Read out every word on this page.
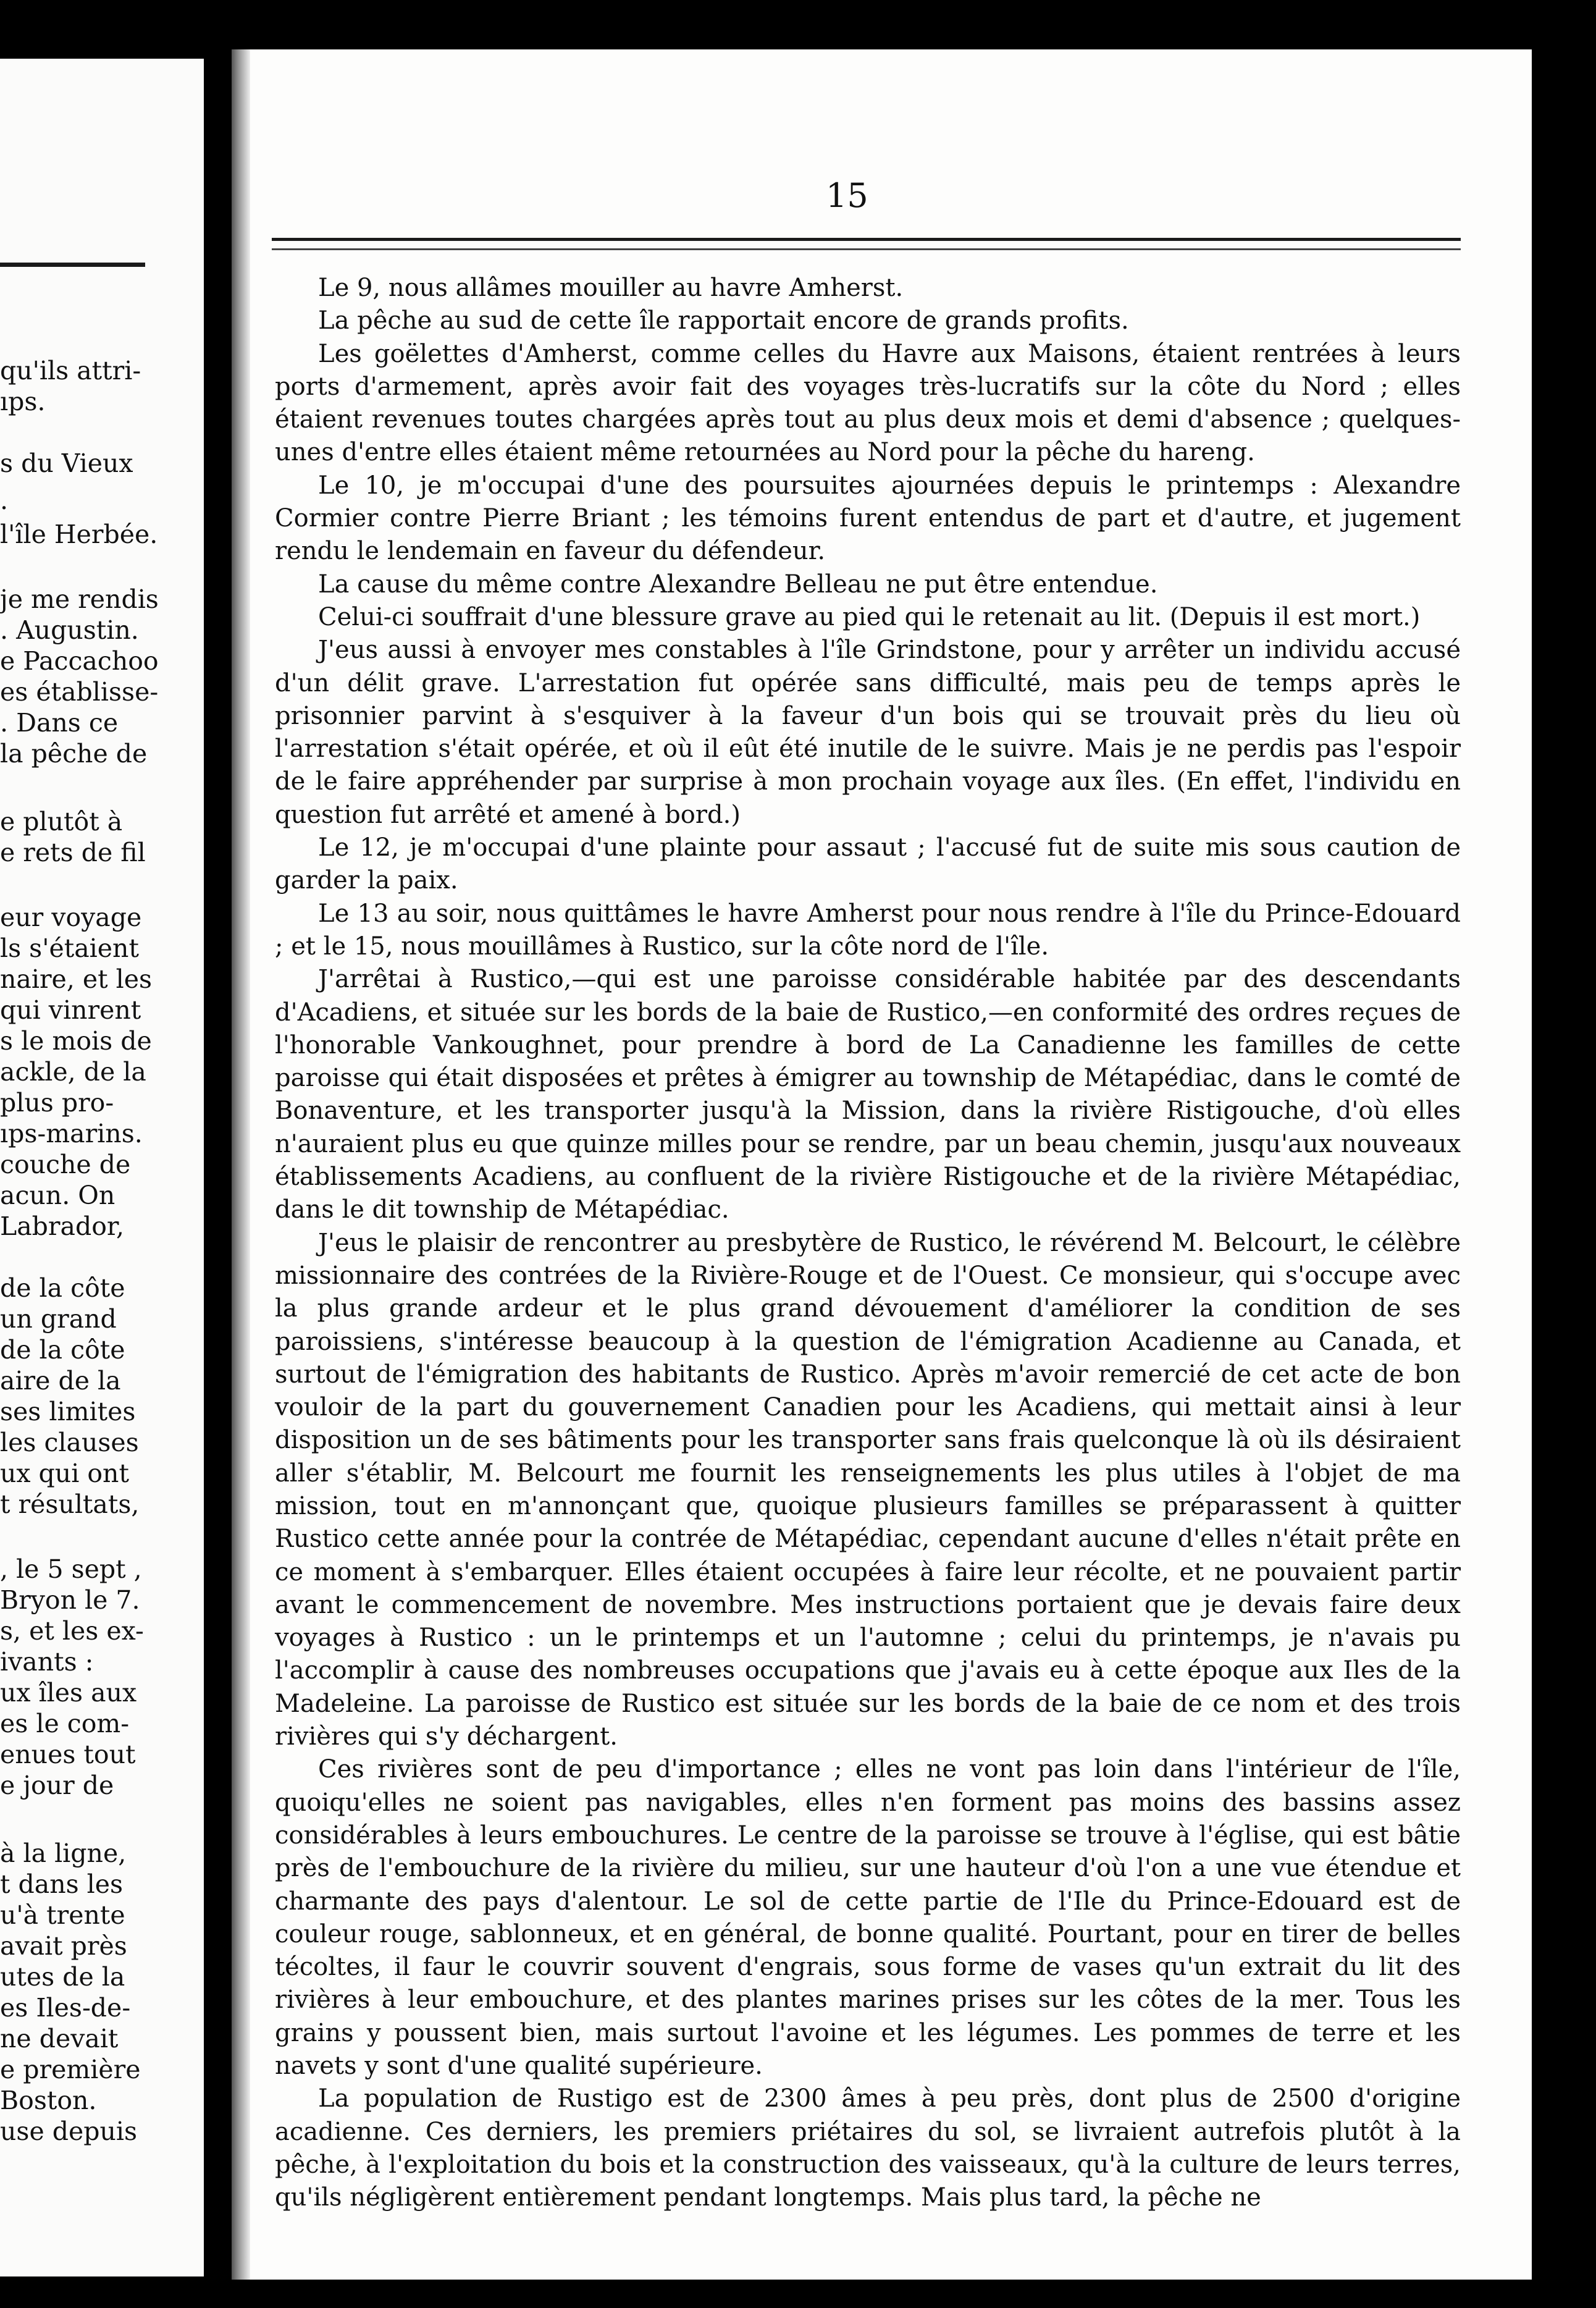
qu'ils attri-
ıps.
s du Vieux
.
l'île Herbée.
je me rendis
. Augustin.
e Paccachoo
es établisse-
. Dans ce
la pêche de
e plutôt à
e rets de fil
eur voyage
ls s'étaient
naire, et les
qui vinrent
s le mois de
ackle, de la
plus pro-
ıps-marins.
couche de
acun. On
Labrador,
de la côte
un grand
de la côte
aire de la
ses limites
les clauses
ux qui ont
t résultats,
, le 5 sept ,
Bryon le 7.
s, et les ex-
ivants :
ux îles aux
es le com-
enues tout
e jour de
à la ligne,
t dans les
u'à trente
avait près
utes de la
es Iles-de-
ne devait
e première
Boston.
use depuis
15

Le 9, nous allâmes mouiller au havre Amherst.

La pêche au sud de cette île rapportait encore de grands profits.

Les goëlettes d'Amherst, comme celles du Havre aux Maisons, étaient rentrées à leurs ports d'armement, après avoir fait des voyages très-lucratifs sur la côte du Nord ; elles étaient revenues toutes chargées après tout au plus deux mois et demi d'absence ; quelques-unes d'entre elles étaient même retournées au Nord pour la pêche du hareng.

Le 10, je m'occupai d'une des poursuites ajournées depuis le printemps : Alexandre Cormier contre Pierre Briant ; les témoins furent entendus de part et d'autre, et jugement rendu le lendemain en faveur du défendeur.

La cause du même contre Alexandre Belleau ne put être entendue.

Celui-ci souffrait d'une blessure grave au pied qui le retenait au lit. (Depuis il est mort.)

J'eus aussi à envoyer mes constables à l'île Grindstone, pour y arrêter un individu accusé d'un délit grave. L'arrestation fut opérée sans difficulté, mais peu de temps après le prisonnier parvint à s'esquiver à la faveur d'un bois qui se trouvait près du lieu où l'arrestation s'était opérée, et où il eût été inutile de le suivre. Mais je ne perdis pas l'espoir de le faire appréhender par surprise à mon prochain voyage aux îles. (En effet, l'individu en question fut arrêté et amené à bord.)

Le 12, je m'occupai d'une plainte pour assaut ; l'accusé fut de suite mis sous caution de garder la paix.

Le 13 au soir, nous quittâmes le havre Amherst pour nous rendre à l'île du Prince-Edouard ; et le 15, nous mouillâmes à Rustico, sur la côte nord de l'île.

J'arrêtai à Rustico,—qui est une paroisse considérable habitée par des descendants d'Acadiens, et située sur les bords de la baie de Rustico,—en conformité des ordres reçues de l'honorable Vankoughnet, pour prendre à bord de La Canadienne les familles de cette paroisse qui était disposées et prêtes à émigrer au township de Métapédiac, dans le comté de Bonaventure, et les transporter jusqu'à la Mission, dans la rivière Ristigouche, d'où elles n'auraient plus eu que quinze milles pour se rendre, par un beau chemin, jusqu'aux nouveaux établissements Acadiens, au confluent de la rivière Ristigouche et de la rivière Métapédiac, dans le dit township de Métapédiac.

J'eus le plaisir de rencontrer au presbytère de Rustico, le révérend M. Belcourt, le célèbre missionnaire des contrées de la Rivière-Rouge et de l'Ouest. Ce monsieur, qui s'occupe avec la plus grande ardeur et le plus grand dévouement d'améliorer la condition de ses paroissiens, s'intéresse beaucoup à la question de l'émigration Acadienne au Canada, et surtout de l'émigration des habitants de Rustico. Après m'avoir remercié de cet acte de bon vouloir de la part du gouvernement Canadien pour les Acadiens, qui mettait ainsi à leur disposition un de ses bâtiments pour les transporter sans frais quelconque là où ils désiraient aller s'établir, M. Belcourt me fournit les renseignements les plus utiles à l'objet de ma mission, tout en m'annonçant que, quoique plusieurs familles se préparassent à quitter Rustico cette année pour la contrée de Métapédiac, cependant aucune d'elles n'était prête en ce moment à s'embarquer. Elles étaient occupées à faire leur récolte, et ne pouvaient partir avant le commencement de novembre. Mes instructions portaient que je devais faire deux voyages à Rustico : un le printemps et un l'automne ; celui du printemps, je n'avais pu l'accomplir à cause des nombreuses occupations que j'avais eu à cette époque aux Iles de la Madeleine. La paroisse de Rustico est située sur les bords de la baie de ce nom et des trois rivières qui s'y déchargent.

Ces rivières sont de peu d'importance ; elles ne vont pas loin dans l'intérieur de l'île, quoiqu'elles ne soient pas navigables, elles n'en forment pas moins des bassins assez considérables à leurs embouchures. Le centre de la paroisse se trouve à l'église, qui est bâtie près de l'embouchure de la rivière du milieu, sur une hauteur d'où l'on a une vue étendue et charmante des pays d'alentour. Le sol de cette partie de l'Ile du Prince-Edouard est de couleur rouge, sablonneux, et en général, de bonne qualité. Pourtant, pour en tirer de belles técoltes, il faur le couvrir souvent d'engrais, sous forme de vases qu'un extrait du lit des rivières à leur embouchure, et des plantes marines prises sur les côtes de la mer. Tous les grains y poussent bien, mais surtout l'avoine et les légumes. Les pommes de terre et les navets y sont d'une qualité supérieure.

La population de Rustigo est de 2300 âmes à peu près, dont plus de 2500 d'origine acadienne. Ces derniers, les premiers priétaires du sol, se livraient autrefois plutôt à la pêche, à l'exploitation du bois et la construction des vaisseaux, qu'à la culture de leurs terres, qu'ils négligèrent entièrement pendant longtemps. Mais plus tard, la pêche ne
